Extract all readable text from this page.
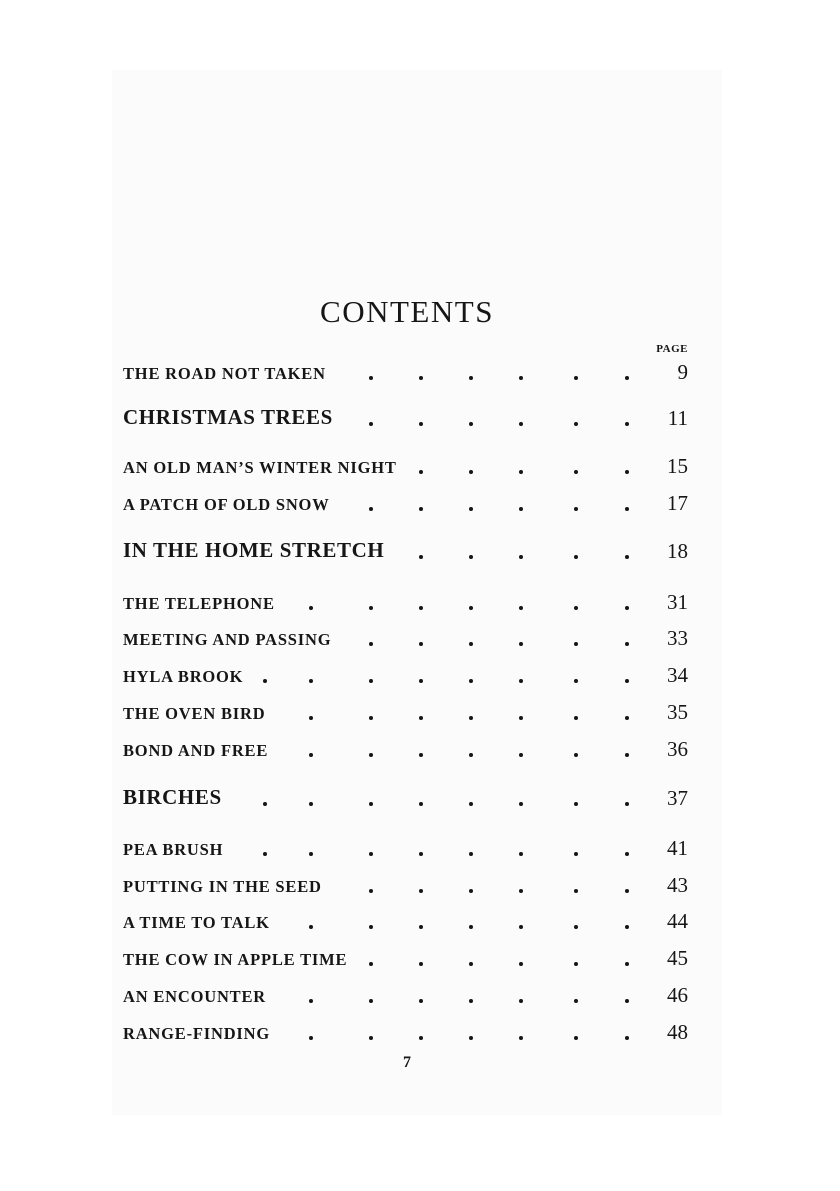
CONTENTS
PAGE
THE ROAD NOT TAKEN	9
CHRISTMAS TREES	11
AN OLD MAN’S WINTER NIGHT	15
A PATCH OF OLD SNOW	17
IN THE HOME STRETCH	18
THE TELEPHONE	31
MEETING AND PASSING	33
HYLA BROOK	34
THE OVEN BIRD	35
BOND AND FREE	36
BIRCHES	37
PEA BRUSH	41
PUTTING IN THE SEED	43
A TIME TO TALK	44
THE COW IN APPLE TIME	45
AN ENCOUNTER	46
RANGE-FINDING	48
7
